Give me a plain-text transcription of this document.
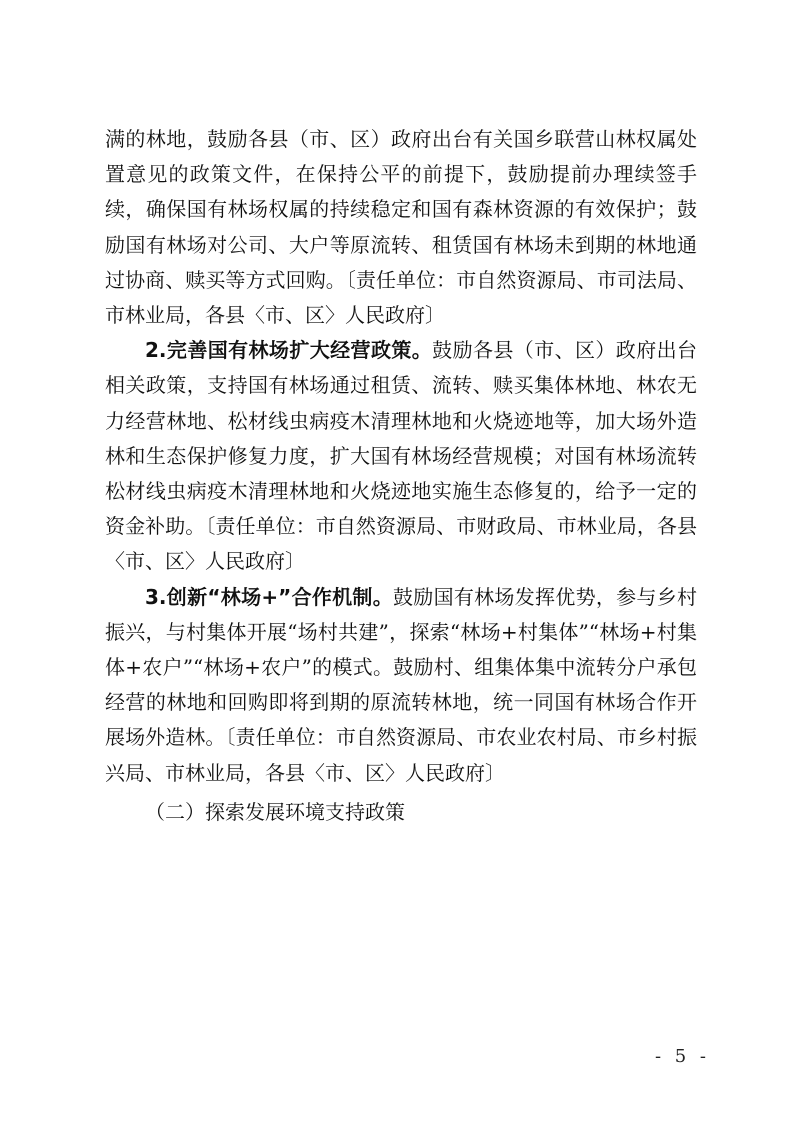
满的林地，鼓励各县（市、区）政府出台有关国乡联营山林权属处置意见的政策文件，在保持公平的前提下，鼓励提前办理续签手续，确保国有林场权属的持续稳定和国有森林资源的有效保护；鼓励国有林场对公司、大户等原流转、租赁国有林场未到期的林地通过协商、赎买等方式回购。〔责任单位：市自然资源局、市司法局、市林业局，各县〈市、区〉人民政府〕

2.完善国有林场扩大经营政策。鼓励各县（市、区）政府出台相关政策，支持国有林场通过租赁、流转、赎买集体林地、林农无力经营林地、松材线虫病疫木清理林地和火烧迹地等，加大场外造林和生态保护修复力度，扩大国有林场经营规模；对国有林场流转松材线虫病疫木清理林地和火烧迹地实施生态修复的，给予一定的资金补助。〔责任单位：市自然资源局、市财政局、市林业局，各县〈市、区〉人民政府〕

3.创新“林场+”合作机制。鼓励国有林场发挥优势，参与乡村振兴，与村集体开展“场村共建”，探索“林场+村集体”“林场+村集体+农户”“林场+农户”的模式。鼓励村、组集体集中流转分户承包经营的林地和回购即将到期的原流转林地，统一同国有林场合作开展场外造林。〔责任单位：市自然资源局、市农业农村局、市乡村振兴局、市林业局，各县〈市、区〉人民政府〕

（二）探索发展环境支持政策

- 5 -
